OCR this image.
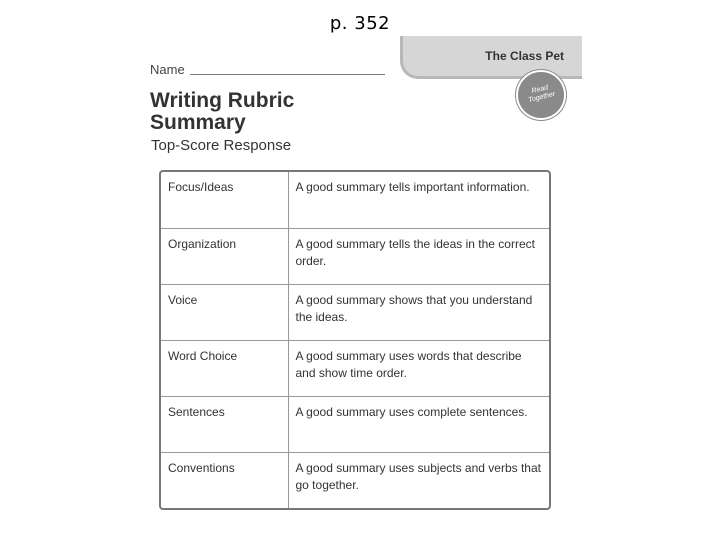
p. 352
The Class Pet
Read Together
Name
Writing Rubric
Summary
Top-Score Response
Focus/Ideas	A good summary tells important information.
Organization	A good summary tells the ideas in the correct order.
Voice	A good summary shows that you understand the ideas.
Word Choice	A good summary uses words that describe and show time order.
Sentences	A good summary uses complete sentences.
Conventions	A good summary uses subjects and verbs that go together.
